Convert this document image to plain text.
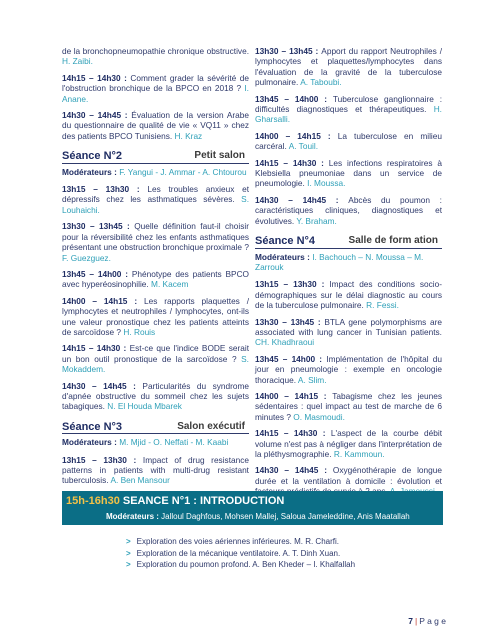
de la bronchopneumopathie chronique obstructive. H. Zaibi.
14h15 – 14h30 : Comment grader la sévérité de l'obstruction bronchique de la BPCO en 2018 ? I. Anane.
14h30 – 14h45 : Évaluation de la version Arabe du questionnaire de qualité de vie « VQ11 » chez des patients BPCO Tunisiens. H. Kraz
Séance N°2	Petit salon
Modérateurs : F. Yangui - J. Ammar - A. Chtourou
13h15 – 13h30 : Les troubles anxieux et dépressifs chez les asthmatiques sévères. S. Louhaichi.
13h30 – 13h45 : Quelle définition faut-il choisir pour la réversibilité chez les enfants asthmatiques présentant une obstruction bronchique proximale ? F. Guezguez.
13h45 – 14h00 : Phénotype des patients BPCO avec hyperéosinophilie. M. Kacem
14h00 – 14h15 : Les rapports plaquettes / lymphocytes et neutrophiles / lymphocytes, ont-ils une valeur pronostique chez les patients atteints de sarcoïdose ? H. Rouis
14h15 – 14h30 : Est-ce que l'indice BODE serait un bon outil pronostique de la sarcoïdose ? S. Mokaddem.
14h30 – 14h45 : Particularités du syndrome d'apnée obstructive du sommeil chez les sujets tabagiques. N. El Houda Mbarek
Séance N°3	Salon exécutif
Modérateurs : M. Mjid - O. Neffati - M. Kaabi
13h15 – 13h30 : Impact of drug resistance patterns in patients with multi-drug resistant tuberculosis. A. Ben Mansour
13h30 – 13h45 : Apport du rapport Neutrophiles / lymphocytes et plaquettes/lymphocytes dans l'évaluation de la gravité de la tuberculose pulmonaire. A. Taboubi.
13h45 – 14h00 : Tuberculose ganglionnaire : difficultés diagnostiques et thérapeutiques. H. Gharsalli.
14h00 – 14h15 : La tuberculose en milieu carcéral. A. Touil.
14h15 – 14h30 : Les infections respiratoires à Klebsiella pneumoniae dans un service de pneumologie. I. Moussa.
14h30 – 14h45 : Abcès du poumon : caractéristiques cliniques, diagnostiques et évolutives. Y. Braham.
Séance N°4	Salle de form ation
Modérateurs : I. Bachouch – N. Moussa – M. Zarrouk
13h15 – 13h30 : Impact des conditions socio-démographiques sur le délai diagnostic au cours de la tuberculose pulmonaire. R. Fessi.
13h30 – 13h45 : BTLA gene polymorphisms are associated with lung cancer in Tunisian patients. CH. Khadhraoui
13h45 – 14h00 : Implémentation de l'hôpital du jour en pneumologie : exemple en oncologie thoracique. A. Slim.
14h00 – 14h15 : Tabagisme chez les jeunes sédentaires : quel impact au test de marche de 6 minutes ? O. Masmoudi.
14h15 – 14h30 : L'aspect de la courbe débit volume n'est pas à négliger dans l'interprétation de la pléthysmographie. R. Kammoun.
14h30 – 14h45 : Oxygénothérapie de longue durée et la ventilation à domicile : évolution et
15h-16h30 SEANCE N°1 : INTRODUCTION
Modérateurs : Jalloul Daghfous, Mohsen Mallej, Saloua Jameleddine, Anis Maatallah
> Exploration des voies aériennes inférieures. M. R. Charfi.
> Exploration de la mécanique ventilatoire. A. T. Dinh Xuan.
> Exploration du poumon profond. A. Ben Kheder – I. Khalfallah
7 | P a g e
